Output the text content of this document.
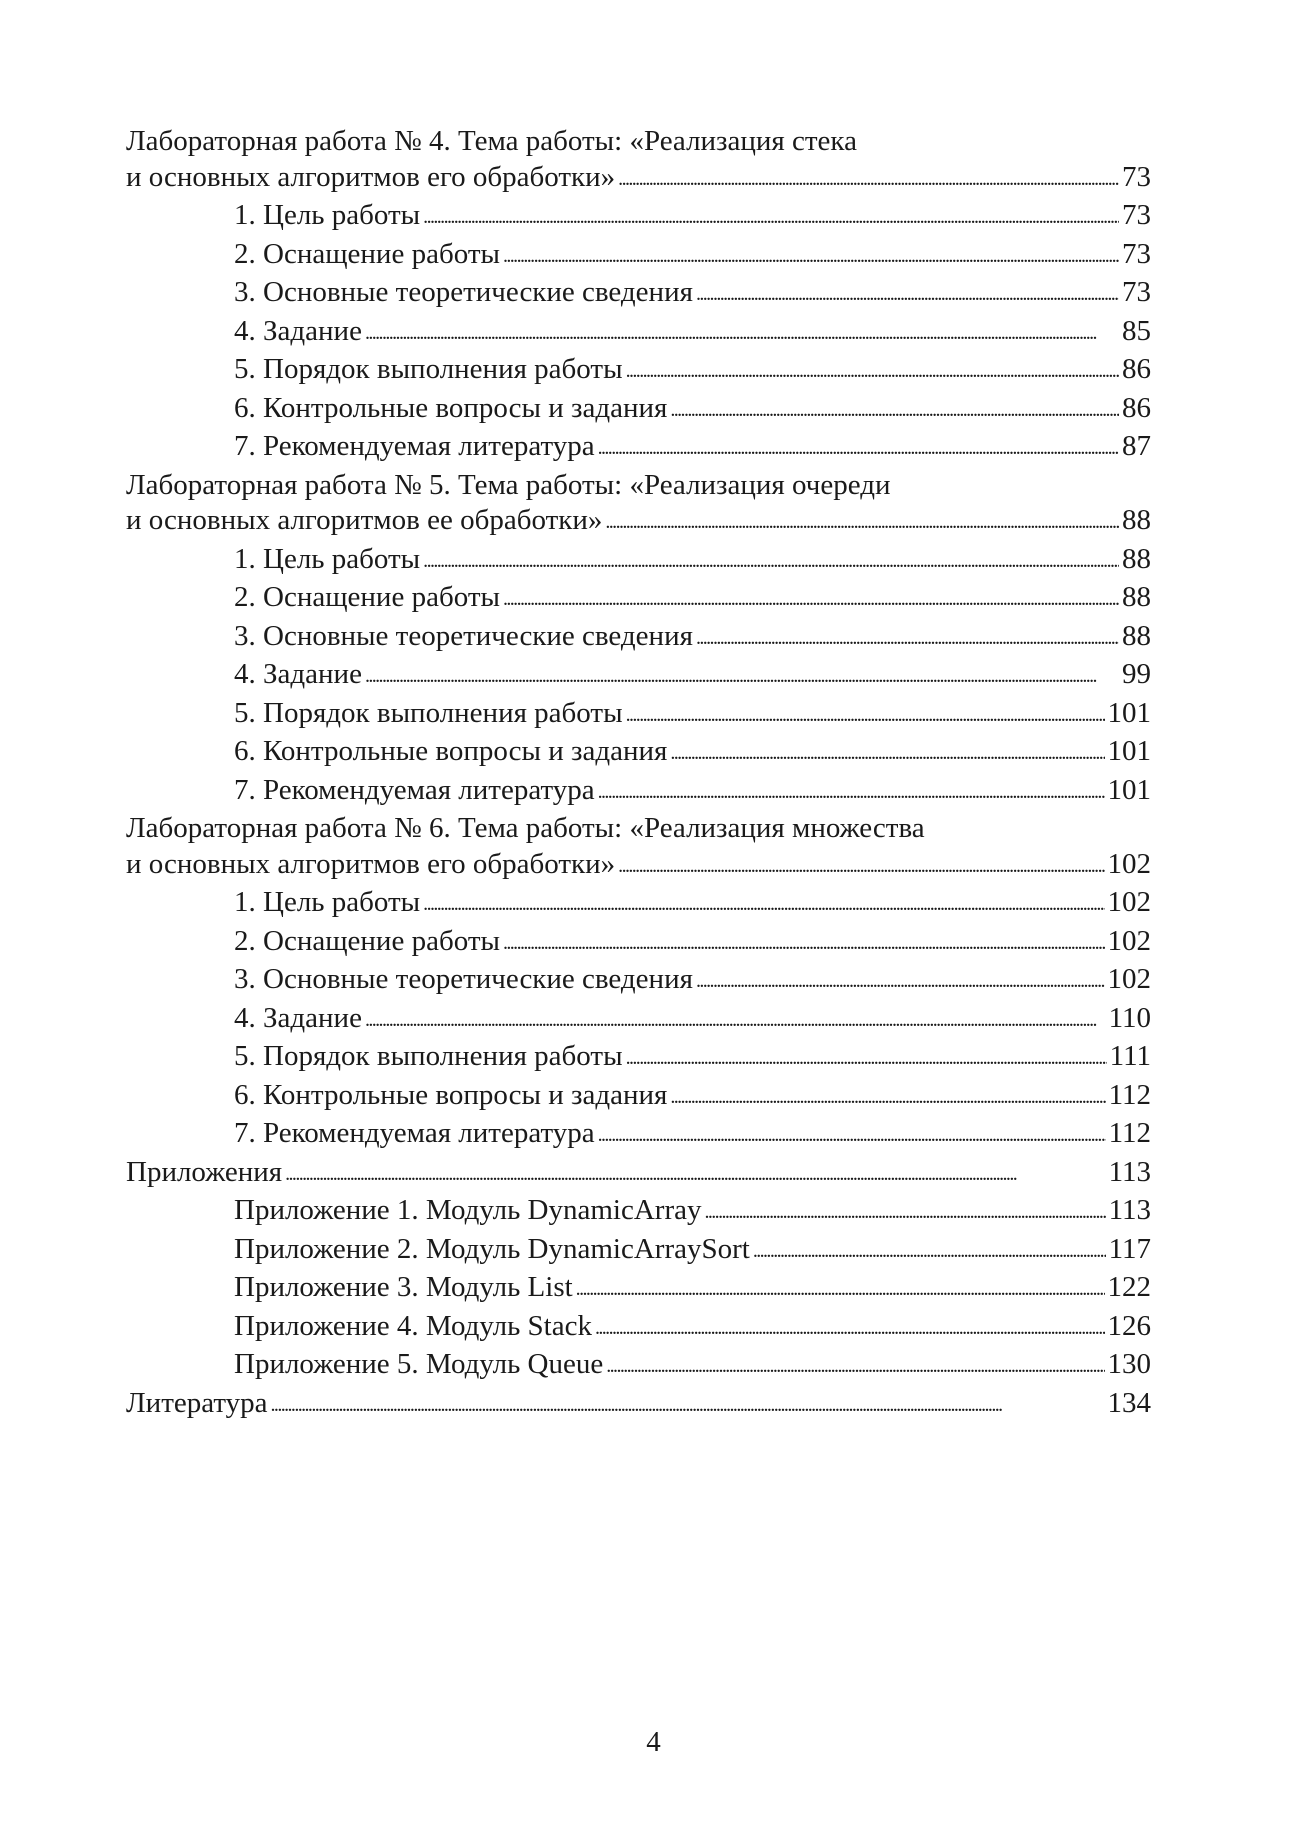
Лабораторная работа № 4. Тема работы: «Реализация стека
и основных алгоритмов его обработки» . . .	73
1. Цель работы . . .	73
2. Оснащение работы . . .	73
3. Основные теоретические сведения . . .	73
4. Задание . . .	85
5. Порядок выполнения работы . . .	86
6. Контрольные вопросы и задания . . .	86
7. Рекомендуемая литература . . .	87
Лабораторная работа № 5. Тема работы: «Реализация очереди
и основных алгоритмов ее обработки» . . .	88
1. Цель работы . . .	88
2. Оснащение работы . . .	88
3. Основные теоретические сведения . . .	88
4. Задание . . .	99
5. Порядок выполнения работы . . .	101
6. Контрольные вопросы и задания . . .	101
7. Рекомендуемая литература . . .	101
Лабораторная работа № 6. Тема работы: «Реализация множества
и основных алгоритмов его обработки» . . .	102
1. Цель работы . . .	102
2. Оснащение работы . . .	102
3. Основные теоретические сведения . . .	102
4. Задание . . .	110
5. Порядок выполнения работы . . .	111
6. Контрольные вопросы и задания . . .	112
7. Рекомендуемая литература . . .	112
Приложения . . .	113
Приложение 1. Модуль DynamicArray . . .	113
Приложение 2. Модуль DynamicArraySort . . .	117
Приложение 3. Модуль List . . .	122
Приложение 4. Модуль Stack . . .	126
Приложение 5. Модуль Queue . . .	130
Литература . . .	134
4
